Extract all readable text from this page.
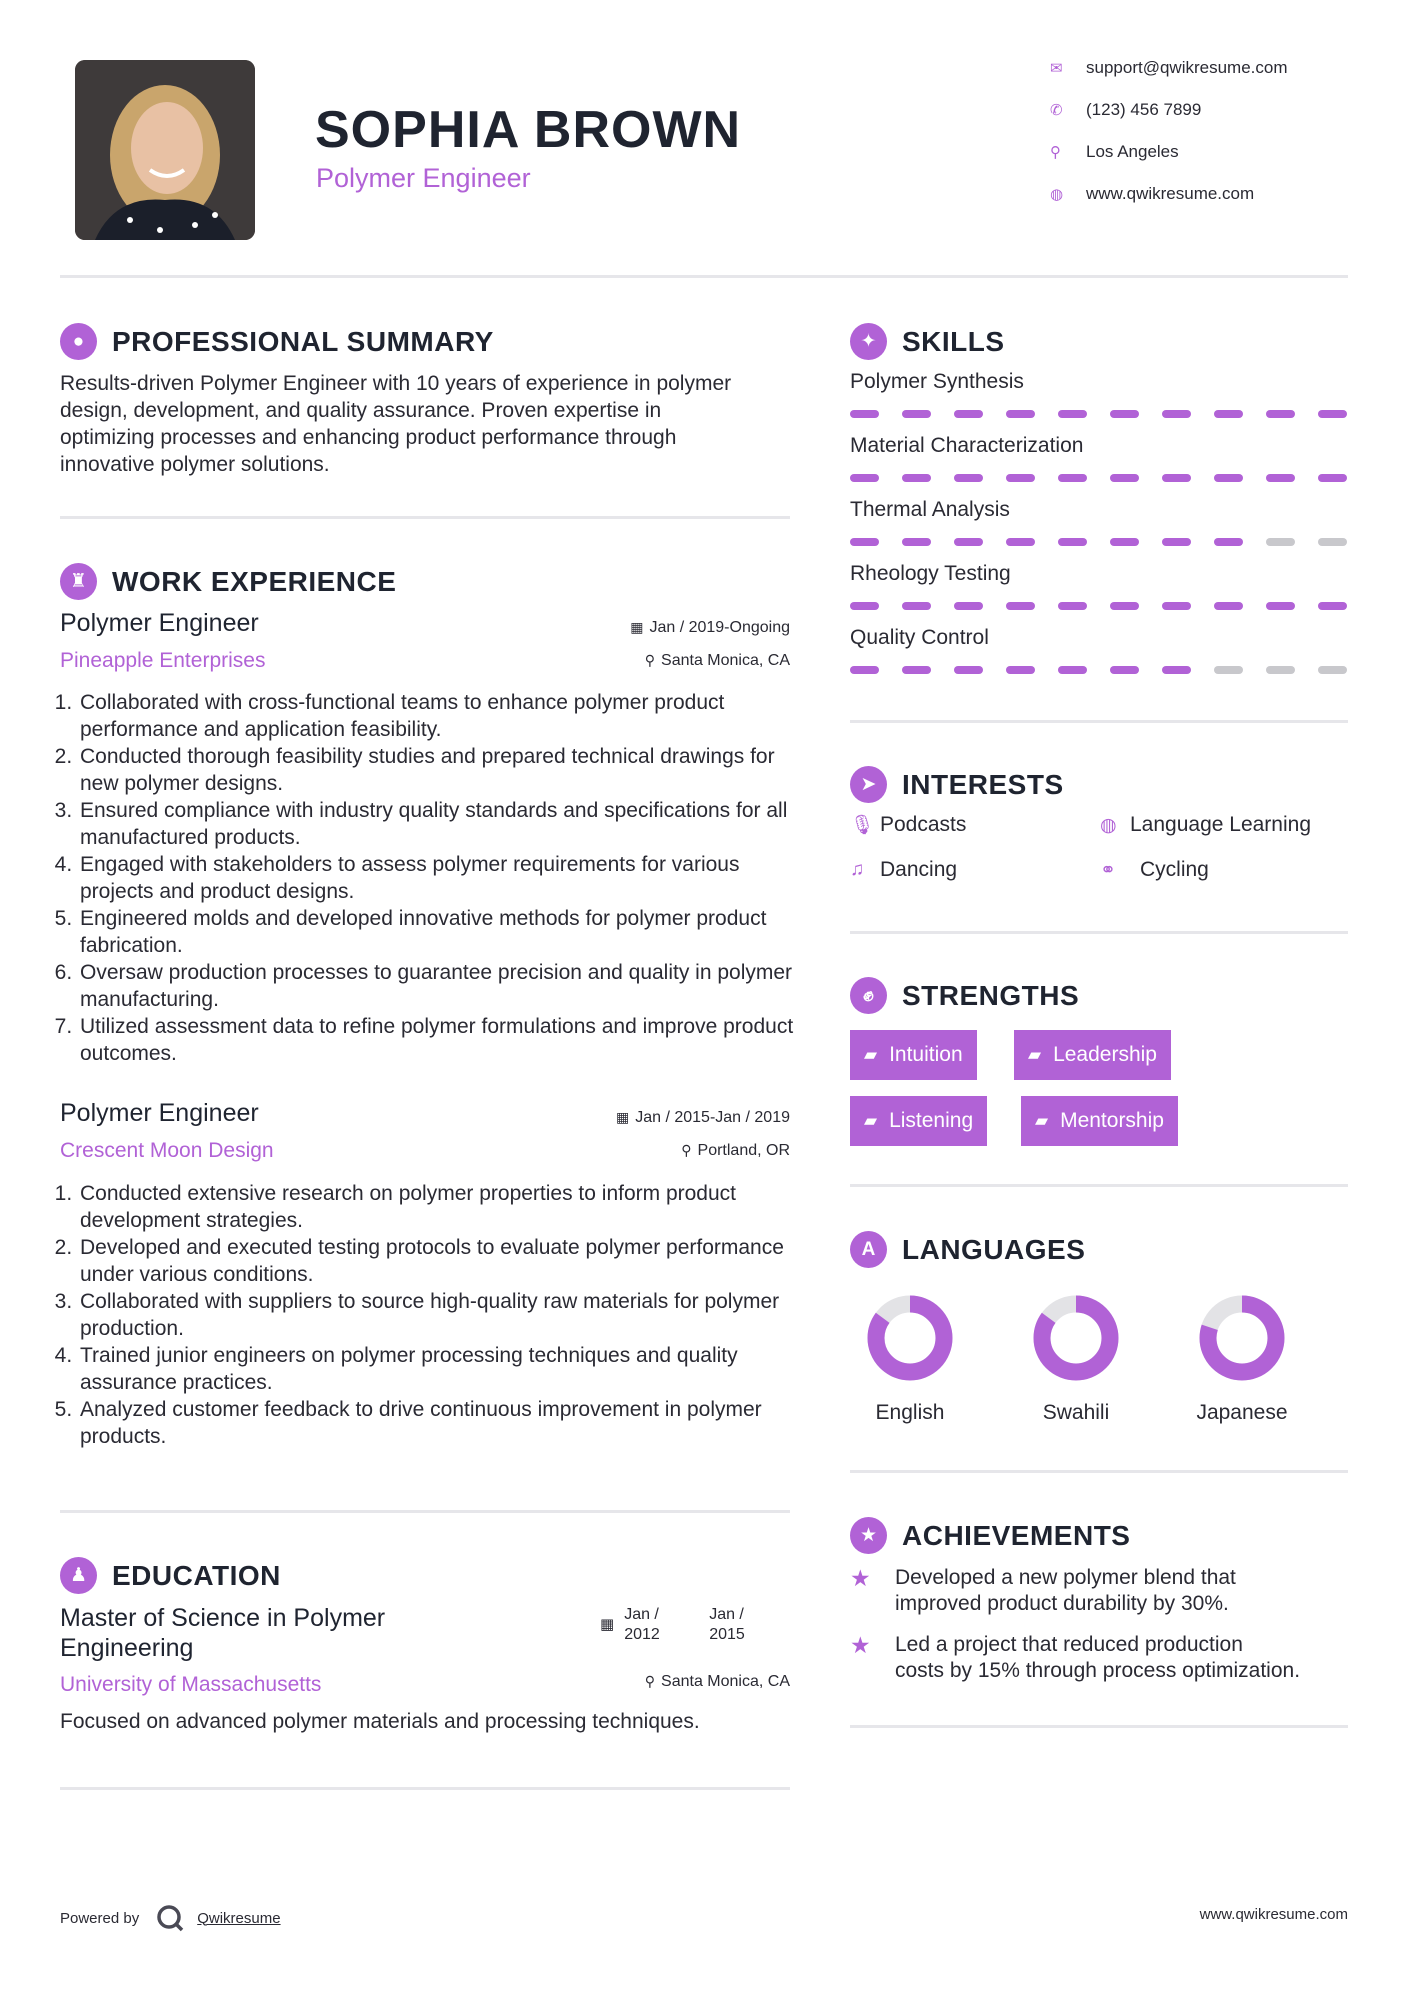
SOPHIA BROWN
Polymer Engineer
✉ support@qwikresume.com
✆ (123) 456 7899
⚲ Los Angeles
◍ www.qwikresume.com
● PROFESSIONAL SUMMARY
Results-driven Polymer Engineer with 10 years of experience in polymer design, development, and quality assurance. Proven expertise in optimizing processes and enhancing product performance through innovative polymer solutions.
♜ WORK EXPERIENCE
Polymer Engineer
Pineapple Enterprises
▦ Jan / 2019-Ongoing
⚲ Santa Monica, CA
1. Collaborated with cross-functional teams to enhance polymer product performance and application feasibility.
2. Conducted thorough feasibility studies and prepared technical drawings for new polymer designs.
3. Ensured compliance with industry quality standards and specifications for all manufactured products.
4. Engaged with stakeholders to assess polymer requirements for various projects and product designs.
5. Engineered molds and developed innovative methods for polymer product fabrication.
6. Oversaw production processes to guarantee precision and quality in polymer manufacturing.
7. Utilized assessment data to refine polymer formulations and improve product outcomes.
Polymer Engineer
Crescent Moon Design
▦ Jan / 2015-Jan / 2019
⚲ Portland, OR
1. Conducted extensive research on polymer properties to inform product development strategies.
2. Developed and executed testing protocols to evaluate polymer performance under various conditions.
3. Collaborated with suppliers to source high-quality raw materials for polymer production.
4. Trained junior engineers on polymer processing techniques and quality assurance practices.
5. Analyzed customer feedback to drive continuous improvement in polymer products.
♟ EDUCATION
Master of Science in Polymer
Engineering
University of Massachusetts
▦
Jan /
2012
Jan /
2015
⚲ Santa Monica, CA
Focused on advanced polymer materials and processing techniques.
✦ SKILLS
Polymer Synthesis
Material Characterization
Thermal Analysis
Rheology Testing
Quality Control
➤ INTERESTS
🎙︎ Podcasts	◍ Language Learning
♫ Dancing	⚭	Cycling
✊︎	STRENGTHS
▰ Intuition	▰ Leadership
▰ Listening	▰ Mentorship
A LANGUAGES
English	Swahili	Japanese
★ ACHIEVEMENTS
★	Developed a new polymer blend that
improved product durability by 30%.
★	Led a project that reduced production
costs by 15% through process optimization.
Powered by	Qwikresume	www.qwikresume.com
